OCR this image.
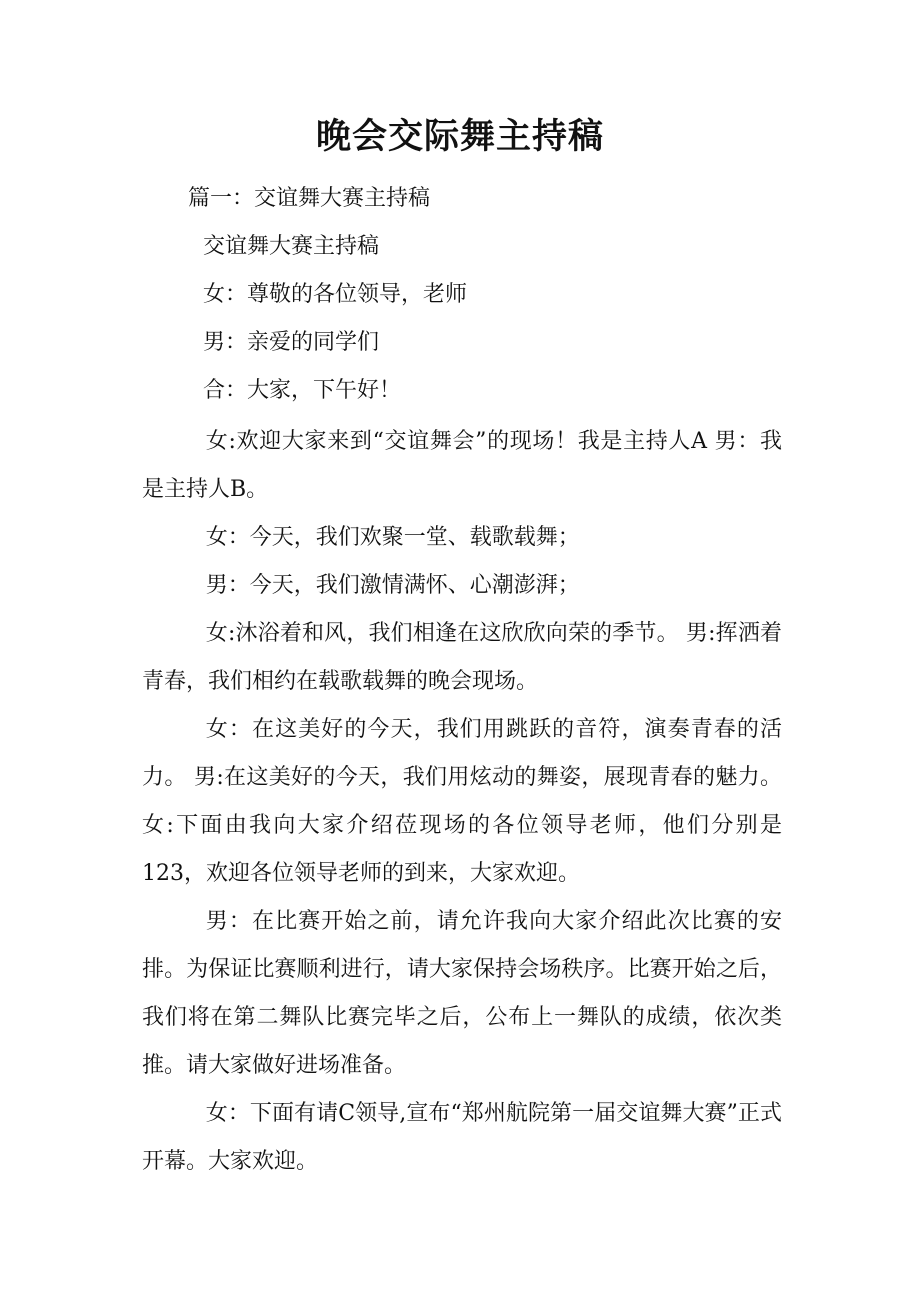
晚会交际舞主持稿
篇一：交谊舞大赛主持稿
交谊舞大赛主持稿
女：尊敬的各位领导，老师
男：亲爱的同学们
合：大家，下午好！

女:欢迎大家来到“交谊舞会”的现场！我是主持人A 男：我是主持人B。

女：今天，我们欢聚一堂、载歌载舞；

男：今天，我们激情满怀、心潮澎湃；

女:沐浴着和风，我们相逢在这欣欣向荣的季节。 男:挥洒着青春，我们相约在载歌载舞的晚会现场。

女：在这美好的今天，我们用跳跃的音符，演奏青春的活力。 男:在这美好的今天，我们用炫动的舞姿，展现青春的魅力。女:下面由我向大家介绍莅现场的各位领导老师，他们分别是123，欢迎各位领导老师的到来，大家欢迎。

男：在比赛开始之前，请允许我向大家介绍此次比赛的安排。为保证比赛顺利进行，请大家保持会场秩序。比赛开始之后，我们将在第二舞队比赛完毕之后，公布上一舞队的成绩，依次类推。请大家做好进场准备。

女：下面有请C领导,宣布“郑州航院第一届交谊舞大赛”正式开幕。大家欢迎。
